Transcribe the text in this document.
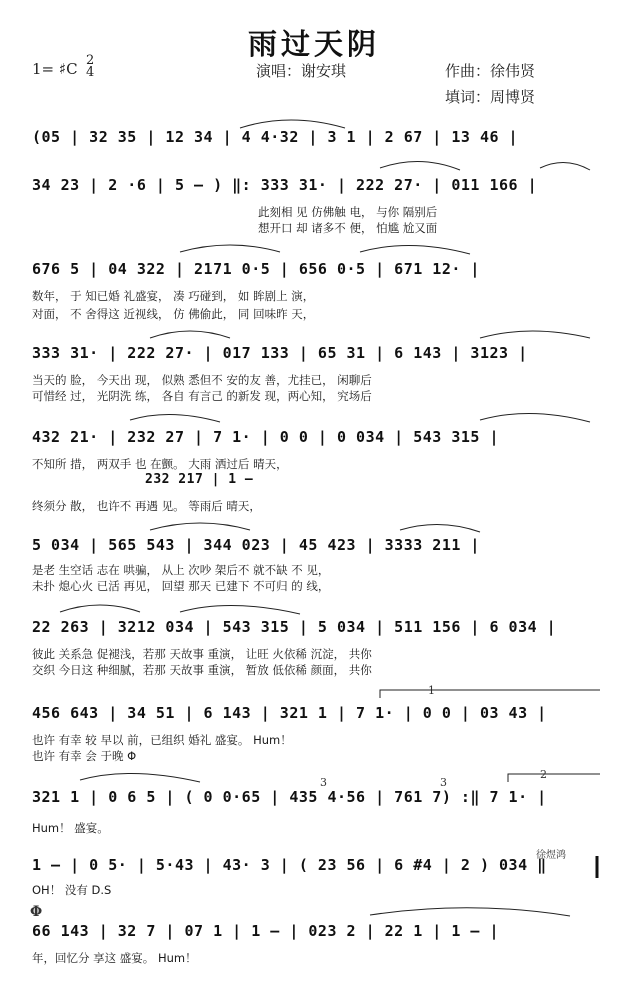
雨过天阴
1= ♯C 2
4	演唱：谢安琪	作曲：徐伟贤
填词：周博贤
(05 | 32 35 | 12 34 | 4 4·32 | 3 1 | 2 67 | 13 46 |
34 23 | 2 ·6 | 5 – ) ‖: 333 31· | 222 27· | 011 166 |
此刻相 见 仿佛触 电， 与你 隔别后
想开口 却 诸多不 便， 怕尴 尬又面
676 5 | 04 322 | 2171 0·5 | 656 0·5 | 671 12· |
数年， 于 知已婚 礼盛宴， 凑 巧碰到， 如 眸剧上 演，
对面， 不 舍得这 近视线， 仿 佛偷此， 同 回味昨 天，
333 31· | 222 27· | 017 133 | 65 31 | 6 143 | 3123 |
当天的 脸， 今天出 现， 似熟 悉但不 安的友 善，尤挂已， 闲聊后
可惜经 过， 光阴洗 练， 各自 有言己 的新发 现，两心知， 究场后
432 21· | 232 27 | 7 1· | 0 0 | 0 034 | 543 315 |
不知所 措， 两双手 也 在颤。 大雨 洒过后 晴天，
232 217 | 1 –
终须分 散， 也许不 再遇 见。 等雨后 晴天，
5 034 | 565 543 | 344 023 | 45 423 | 3333 211 |
是老 生空话 志在 哄骗， 从上 次吵 架后不 就不缺 不 见，
未扑 熄心火 已活 再见， 回望 那天 已建下 不可归 的 线，
22 263 | 3212 034 | 543 315 | 5 034 | 511 156 | 6 034 |
彼此 关系急 促褪浅，若那 天故事 重演， 让旺 火依稀 沉淀， 共你
交织 今日这 种细腻，若那 天故事 重演， 暂放 低依稀 颜面， 共你
456 643 | 34 51 | 6 143 | 321 1 | 7 1· | 0 0 | 03 43 |
也许 有幸 较 早以 前，已组织 婚礼 盛宴。 Hum！
也许 有幸 会 于晚 Φ
321 1 | 0 6 5 | ( 0 0·65 | 435 4·56 | 761 7) :‖ 7 1· |
Hum！ 盛宴。
1 – | 0 5· | 5·43 | 43· 3 | ( 23 56 | 6 #4 | 2 ) 034 ‖
OH！ 没有 D.S
66 143 | 32 7 | 07 1 | 1 – | 023 2 | 22 1 | 1 – |
年，回忆分 享这 盛宴。 Hum！
1
2
3	3
Φ
徐煜鸿
